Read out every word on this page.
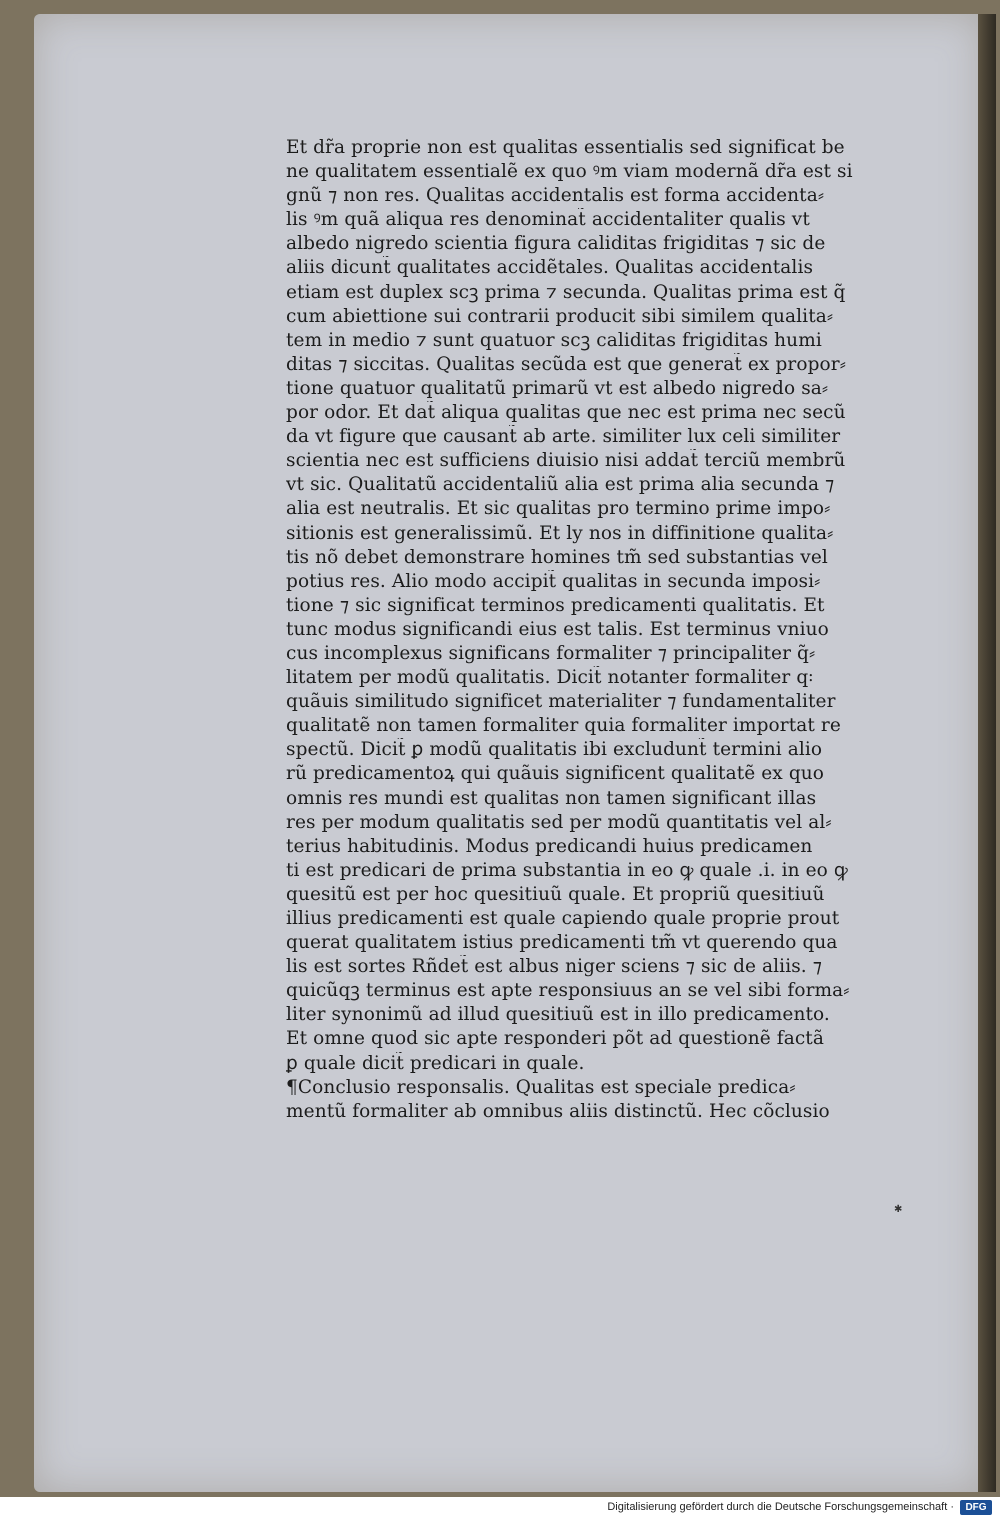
Et dr̃a proprie non est qualitas essentialis sed significat be
ne qualitatem essentialẽ ex quo ꝰm viam modernã dr̃a est si
gnũ ⁊ non res. Qualitas accidentalis est forma accidenta⸗
lis ꝰm quã aliqua res denominat̃ accidentaliter qualis vt
albedo nigredo scientia figura caliditas frigiditas ⁊ sic de
aliis dicunt̃ qualitates accidẽtales. Qualitas accidentalis
etiam est duplex scꝫ prima ⁊ secunda. Qualitas prima est q̃
cum abiettione sui contrarii producit sibi similem qualita⸗
tem in medio ⁊ sunt quatuor scꝫ caliditas frigiditas humi
ditas ⁊ siccitas. Qualitas secũda est que generat̃ ex propor⸗
tione quatuor qualitatũ primarũ vt est albedo nigredo sa⸗
por odor. Et dat̃ aliqua qualitas que nec est prima nec secũ
da vt figure que causant̃ ab arte. similiter lux celi similiter
scientia nec est sufficiens diuisio nisi addat̃ terciũ membrũ
vt sic. Qualitatũ accidentaliũ alia est prima alia secunda ⁊
alia est neutralis. Et sic qualitas pro termino prime impo⸗
sitionis est generalissimũ. Et ly nos in diffinitione qualita⸗
tis nõ debet demonstrare homines tm̃ sed substantias vel
potius res. Alio modo accipit̃ qualitas in secunda imposi⸗
tione ⁊ sic significat terminos predicamenti qualitatis. Et
tunc modus significandi eius est talis. Est terminus vniuo
cus incomplexus significans formaliter ⁊ principaliter q̃⸗
litatem per modũ qualitatis. Dicit̃ notanter formaliter q꞉
quãuis similitudo significet materialiter ⁊ fundamentaliter
qualitatẽ non tamen formaliter quia formaliter importat re
spectũ. Dicit̃ ꝑ modũ qualitatis ibi excludunt̃ termini alio
rũ predicamentoꝝ qui quãuis significent qualitatẽ ex quo
omnis res mundi est qualitas non tamen significant illas
res per modum qualitatis sed per modũ quantitatis vel al⸗
terius habitudinis. Modus predicandi huius predicamen
ti est predicari de prima substantia in eo ꝙ quale .i. in eo ꝙ
quesitũ est per hoc quesitiuũ quale. Et propriũ quesitiuũ
illius predicamenti est quale capiendo quale proprie prout
querat qualitatem istius predicamenti tm̃ vt querendo qua
lis est sortes Rñdet̃ est albus niger sciens ⁊ sic de aliis. ⁊
quicũqꝫ terminus est apte responsiuus an se vel sibi forma⸗
liter synonimũ ad illud quesitiuũ est in illo predicamento.
Et omne quod sic apte responderi põt ad questionẽ factã
ꝑ quale dicit̃ predicari in quale.
¶Conclusio responsalis. Qualitas est speciale predica⸗
mentũ formaliter ab omnibus aliis distinctũ. Hec cõclusio
✱
Digitalisierung gefördert durch die Deutsche Forschungsgemeinschaft ·	DFG
